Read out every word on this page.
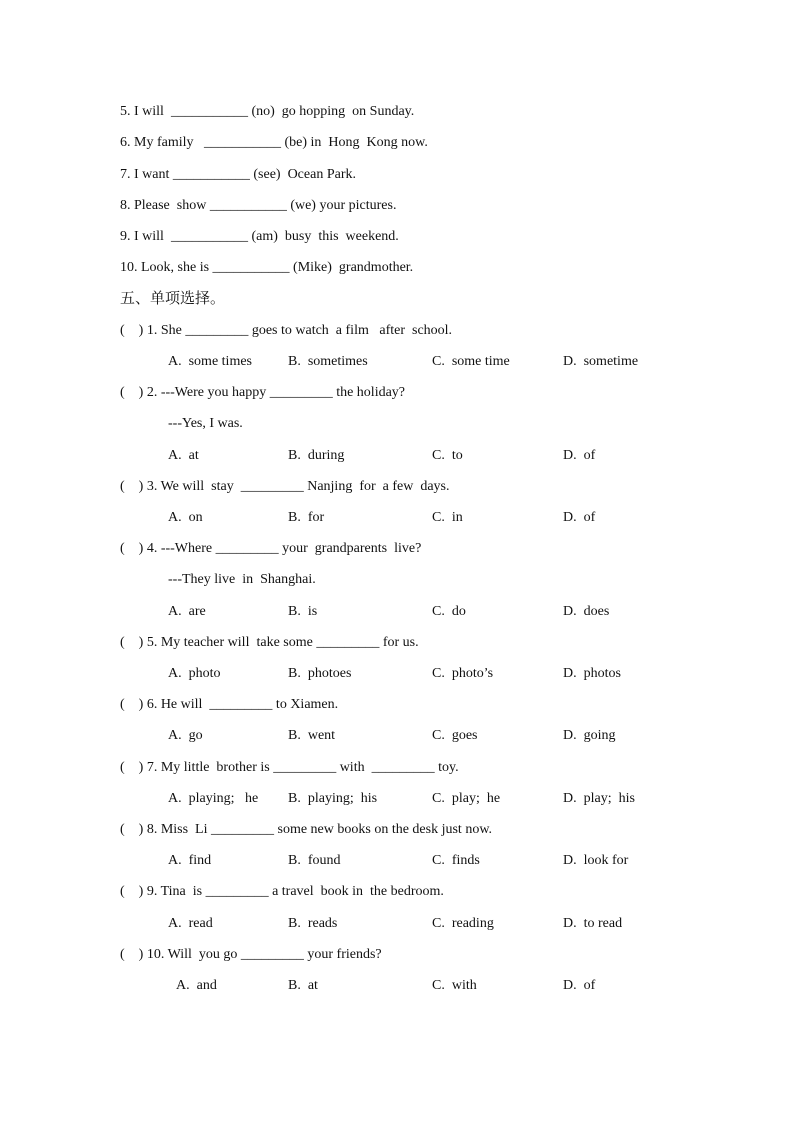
5. I will  ___________ (no)  go hopping  on Sunday.
6. My family   ___________ (be) in  Hong  Kong now.
7. I want ___________ (see)  Ocean Park.
8. Please  show ___________ (we) your pictures.
9. I will  ___________ (am)  busy  this  weekend.
10. Look, she is ___________ (Mike)  grandmother.
五、单项选择。
(    ) 1. She _________ goes to watch  a film   after  school.
A.  some times	B.  sometimes	C.  some time	D.  sometime
(    ) 2. ---Were you happy _________ the holiday?
---Yes, I was.
A.  at	B.  during	C.  to	D.  of
(    ) 3. We will  stay  _________ Nanjing  for  a few  days.
A.  on	B.  for	C.  in	D.  of
(    ) 4. ---Where _________ your  grandparents  live?
---They live  in  Shanghai.
A.  are	B.  is	C.  do	D.  does
(    ) 5. My teacher will  take some _________ for us.
A.  photo	B.  photoes	C.  photo’s	D.  photos
(    ) 6. He will  _________ to Xiamen.
A.  go	B.  went	C.  goes	D.  going
(    ) 7. My little  brother is _________ with  _________ toy.
A.  playing;   he B.  playing;  his	C.  play;  he	D.  play;  his
(    ) 8. Miss  Li _________ some new books on the desk just now.
A.  find	B.  found	C.  finds	D.  look for
(    ) 9. Tina  is _________ a travel  book in  the bedroom.
A.  read	B.  reads	C.  reading	D.  to read
(    ) 10. Will  you go _________ your friends?
A.  and	B.  at	C.  with	D.  of
